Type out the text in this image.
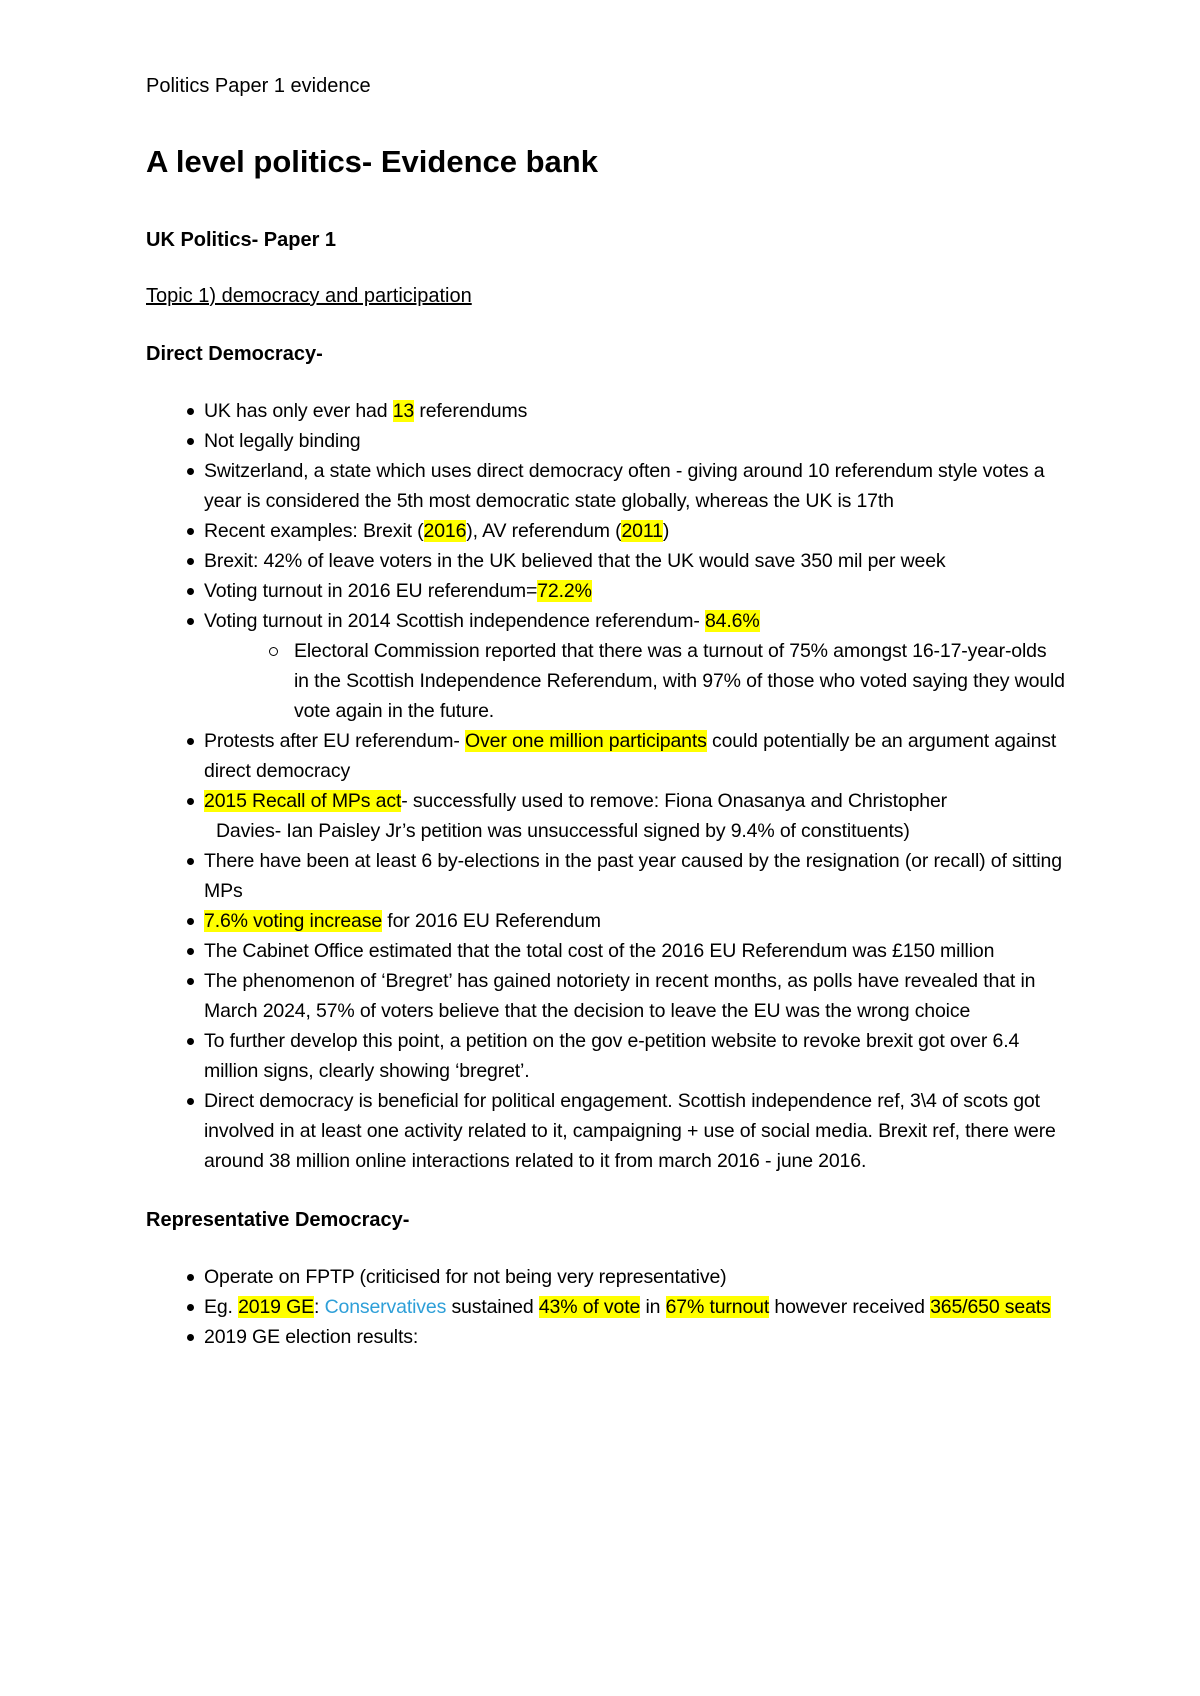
Politics Paper 1 evidence

A level politics- Evidence bank

UK Politics- Paper 1

Topic 1) democracy and participation

Direct Democracy-

UK has only ever had 13 referendums
Not legally binding
Switzerland, a state which uses direct democracy often - giving around 10 referendum style votes a year is considered the 5th most democratic state globally, whereas the UK is 17th
Recent examples: Brexit (2016), AV referendum (2011)
Brexit: 42% of leave voters in the UK believed that the UK would save 350 mil per week
Voting turnout in 2016 EU referendum=72.2%
Voting turnout in 2014 Scottish independence referendum- 84.6%
Electoral Commission reported that there was a turnout of 75% amongst 16-17-year-olds in the Scottish Independence Referendum, with 97% of those who voted saying they would vote again in the future.
Protests after EU referendum- Over one million participants could potentially be an argument against direct democracy
2015 Recall of MPs act- successfully used to remove: Fiona Onasanya and Christopher
Davies- Ian Paisley Jr’s petition was unsuccessful signed by 9.4% of constituents)
There have been at least 6 by-elections in the past year caused by the resignation (or recall) of sitting MPs
7.6% voting increase for 2016 EU Referendum
The Cabinet Office estimated that the total cost of the 2016 EU Referendum was £150 million
The phenomenon of ‘Bregret’ has gained notoriety in recent months, as polls have revealed that in March 2024, 57% of voters believe that the decision to leave the EU was the wrong choice
To further develop this point, a petition on the gov e-petition website to revoke brexit got over 6.4 million signs, clearly showing ‘bregret’.
Direct democracy is beneficial for political engagement. Scottish independence ref, 3\4 of scots got involved in at least one activity related to it, campaigning + use of social media. Brexit ref, there were around 38 million online interactions related to it from march 2016 - june 2016.

Representative Democracy-

Operate on FPTP (criticised for not being very representative)
Eg. 2019 GE: Conservatives sustained 43% of vote in 67% turnout however received 365/650 seats
2019 GE election results:
